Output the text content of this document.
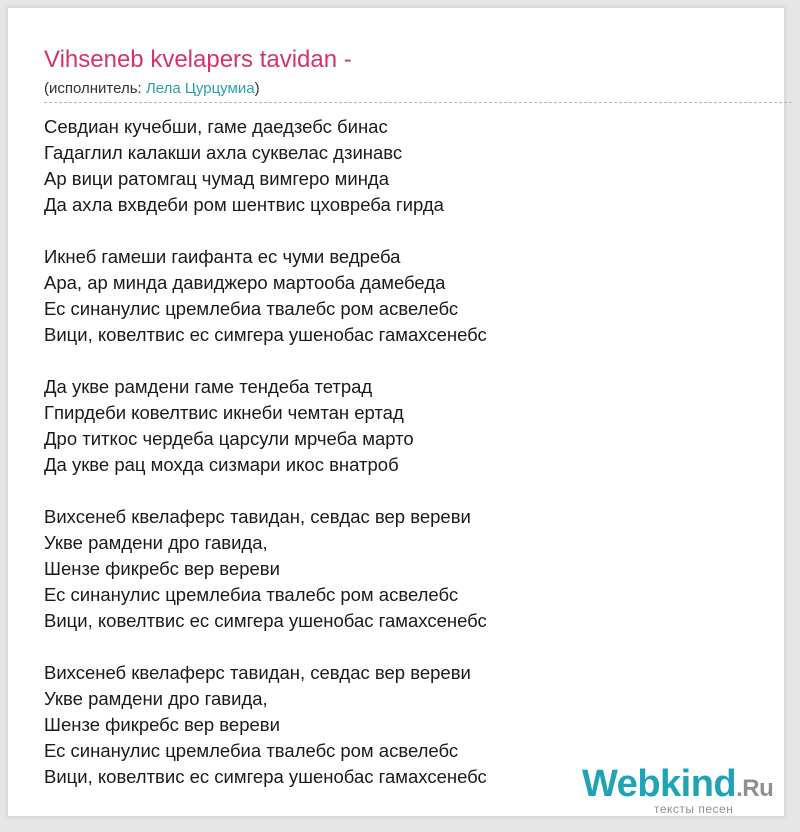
Vihseneb kvelapers tavidan -
(исполнитель: Лела Цурцумиа)
Севдиан кучебши, гаме даедзебс бинас
Гадаглил калакши ахла суквелас дзинавс
Ар вици ратомгац чумад вимгеро минда
Да ахла вхвдеби ром шентвис цховреба гирда
Икнеб гамеши гаифанта ес чуми ведреба
Ара, ар минда давиджеро мартооба дамебеда
Ес синанулис цремлебиа твалебс ром асвелебс
Вици, ковелтвис ес симгера ушенобас гамахсенебс
Да укве рамдени гаме тендеба тетрад
Гпирдеби ковелтвис икнеби чемтан ертад
Дро титкос чердеба царсули мрчеба марто
Да укве рац мохда сизмари икос внатроб
Вихсенеб квелаферс тавидан, севдас вер вереви
Укве рамдени дро гавида,
Шензе фикребс вер вереви
Ес синанулис цремлебиа твалебс ром асвелебс
Вици, ковелтвис ес симгера ушенобас гамахсенебс
Вихсенеб квелаферс тавидан, севдас вер вереви
Укве рамдени дро гавида,
Шензе фикребс вер вереви
Ес синанулис цремлебиа твалебс ром асвелебс
Вици, ковелтвис ес симгера ушенобас гамахсенебс	Webkind.Ru
тексты песен
